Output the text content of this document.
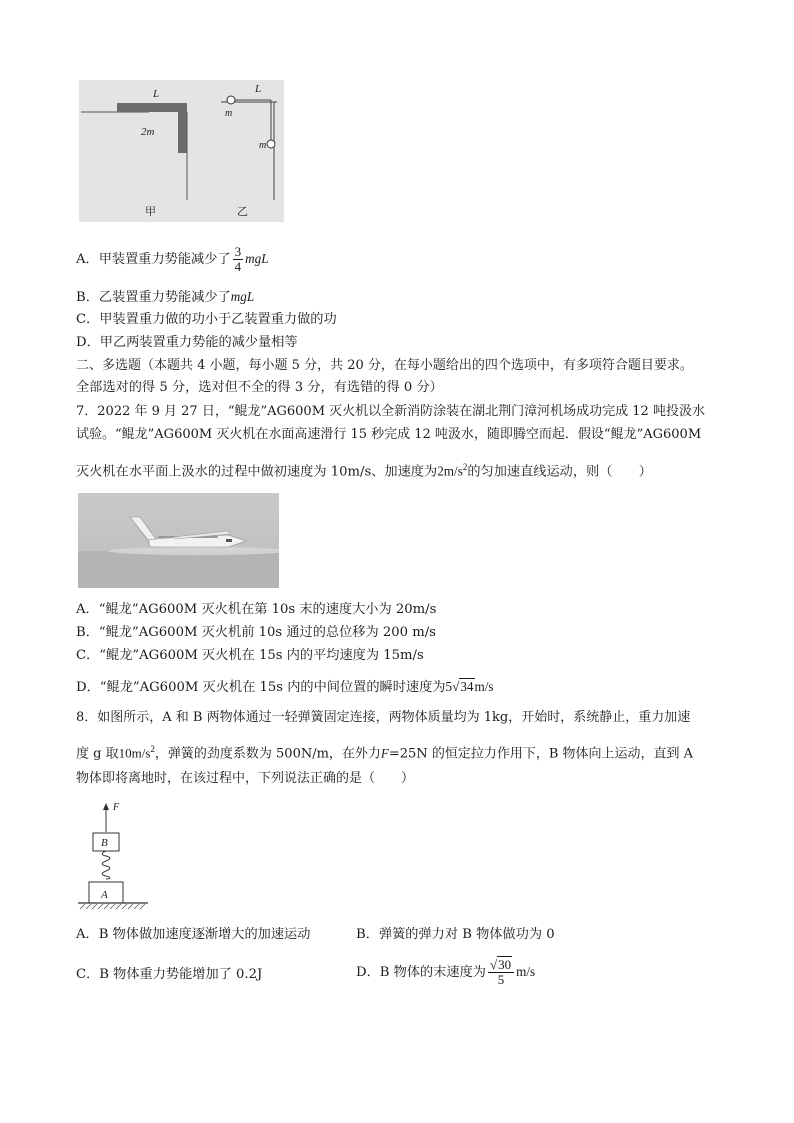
L
2m
甲
L
m
m
乙
A．甲装置重力势能减少了 $\frac{3}{4}$ mgL
B．乙装置重力势能减少了mgL
C．甲装置重力做的功小于乙装置重力做的功
D．甲乙两装置重力势能的减少量相等
二、多选题（本题共 4 小题，每小题 5 分，共 20 分，在每小题给出的四个选项中，有多项符合题目要求。
全部选对的得 5 分，选对但不全的得 3 分，有选错的得 0 分）
7．2022 年 9 月 27 日，“鲲龙”AG600M 灭火机以全新消防涂装在湖北荆门漳河机场成功完成 12 吨投汲水
试验。“鲲龙”AG600M 灭火机在水面高速滑行 15 秒完成 12 吨汲水，随即腾空而起．假设“鲲龙”AG600M
灭火机在水平面上汲水的过程中做初速度为 10m/s、加速度为$2m/s^2$的匀加速直线运动，则（　　）
A．“鲲龙”AG600M 灭火机在第 10s 末的速度大小为 20m/s
B．“鲲龙”AG600M 灭火机前 10s 通过的总位移为 200 m/s
C．“鲲龙”AG600M 灭火机在 15s 内的平均速度为 15m/s
D．“鲲龙”AG600M 灭火机在 15s 内的中间位置的瞬时速度为5√34m/s
8．如图所示，A 和 B 两物体通过一轻弹簧固定连接，两物体质量均为 1kg，开始时，系统静止，重力加速
度 g 取$10m/s^2$，弹簧的劲度系数为 500N/m，在外力F=25N 的恒定拉力作用下，B 物体向上运动，直到 A
物体即将离地时，在该过程中，下列说法正确的是（　　）
F
B
A
A．B 物体做加速度逐渐增大的加速运动	B．弹簧的弹力对 B 物体做功为 0
C．B 物体重力势能增加了 0.2J	D．B 物体的末速度为 $\frac{√30}{5} m/s$
